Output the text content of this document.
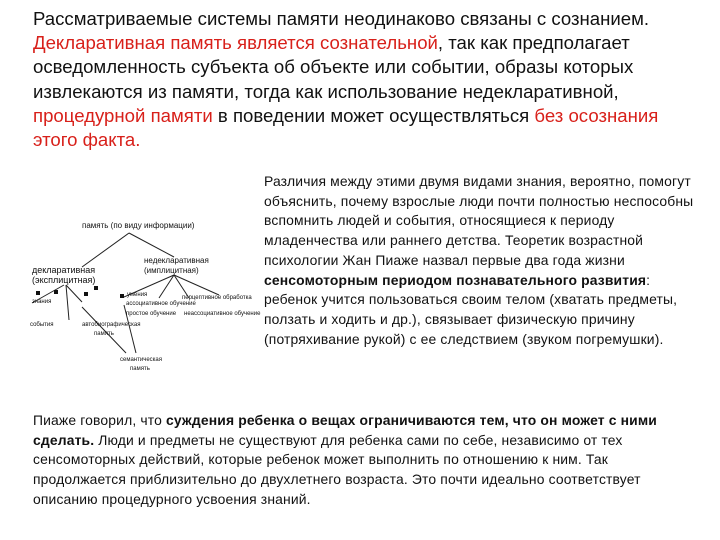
Рассматриваемые системы памяти неодинаково связаны с сознанием. Декларативная память является сознательной, так как предполагает осведомленность субъекта об объекте или событии, образы которых извлекаются из памяти, тогда как использование недекларативной, процедурной памяти в поведении может осуществляться без осознания этого факта.
память (по виду информации)
декларативная
(эксплицитная)
недекларативная
(имплицитная)
умения
ассоциативное обучение
знания
перцептивное обработка
неассоциативное обучение
простое обучение
события	автобиографическая
память
семантическая
память
Различия между этими двумя видами знания, вероятно, помогут объяснить, почему взрослые люди почти полностью неспособны вспомнить людей и события, относящиеся к периоду младенчества или раннего детства. Теоретик возрастной психологии Жан Пиаже назвал первые два года жизни сенсомоторным периодом познавательного развития: ребенок учится пользоваться своим телом (хватать предметы, ползать и ходить и др.), связывает физическую причину (потряхивание рукой) с ее следствием (звуком погремушки).
Пиаже говорил, что суждения ребенка о вещах ограничиваются тем, что он может с ними сделать. Люди и предметы не существуют для ребенка сами по себе, независимо от тех сенсомоторных действий, которые ребенок может выполнить по отношению к ним. Так продолжается приблизительно до двухлетнего возраста. Это почти идеально соответствует описанию процедурного усвоения знаний.
